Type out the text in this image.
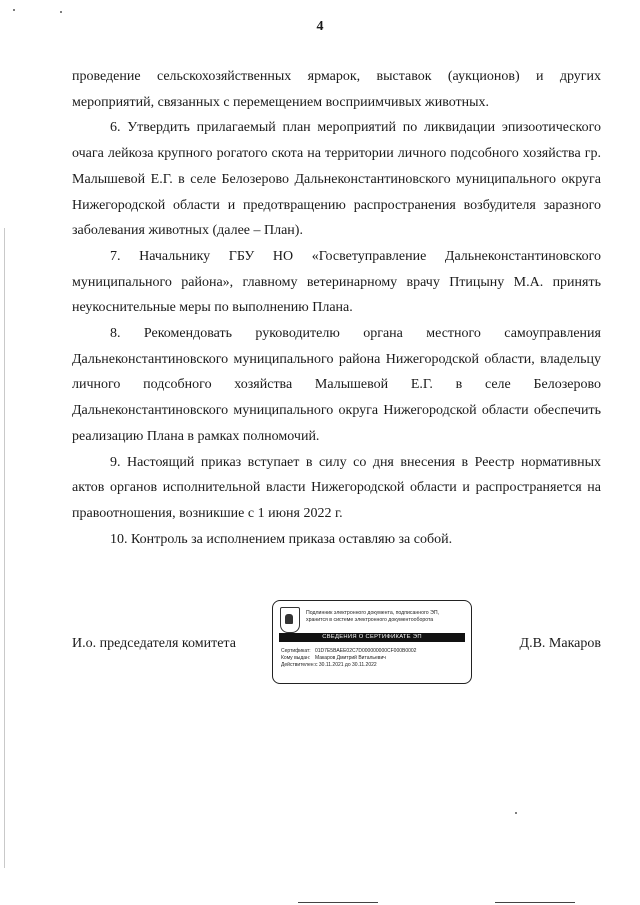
4

проведение сельскохозяйственных ярмарок, выставок (аукционов) и других мероприятий, связанных с перемещением восприимчивых животных.

6. Утвердить прилагаемый план мероприятий по ликвидации эпизоотического очага лейкоза крупного рогатого скота на территории личного подсобного хозяйства гр. Малышевой Е.Г. в селе Белозерово Дальнеконстантиновского муниципального округа Нижегородской области и предотвращению распространения возбудителя заразного заболевания животных (далее – План).

7. Начальнику ГБУ НО «Госветуправление Дальнеконстантиновского муниципального района», главному ветеринарному врачу Птицыну М.А. принять неукоснительные меры по выполнению Плана.

8. Рекомендовать руководителю органа местного самоуправления Дальнеконстантиновского муниципального района Нижегородской области, владельцу личного подсобного хозяйства Малышевой Е.Г. в селе Белозерово Дальнеконстантиновского муниципального округа Нижегородской области обеспечить реализацию Плана в рамках полномочий.

9. Настоящий приказ вступает в силу со дня внесения в Реестр нормативных актов органов исполнительной власти Нижегородской области и распространяется на правоотношения, возникшие с 1 июня 2022 г.

10. Контроль за исполнением приказа оставляю за собой.

И.о. председателя комитета	Д.В. Макаров
Подлинник электронного документа, подписанного ЭП,
хранится в системе электронного документооборота
СВЕДЕНИЯ О СЕРТИФИКАТЕ ЭП
Сертификат: 01D7E5BAEE02C7D000000000CF000B0002
Кому выдан: Макаров Дмитрий Витальевич
Действителен:с 30.11.2021 до 30.11.2022
